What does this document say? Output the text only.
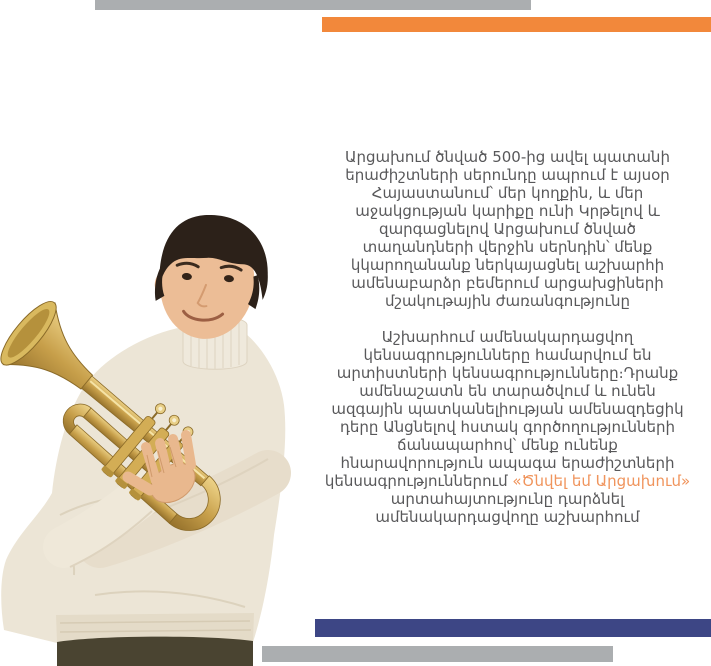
Արցախում ծնված 500-ից ավել պատանի
երաժիշտների սերունդը ապրում է այսօր
Հայաստանում՝ մեր կողքին, և մեր
աջակցության կարիքը ունի Կրթելով և
զարգացնելով Արցախում ծնված
տաղանդների վերջին սերնդին՝ մենք
կկարողանանք ներկայացնել աշխարհի
ամենաբարձր բեմերում արցախցիների
մշակութային ժառանգությունը
Աշխարհում ամենակարդացվող
կենսագրությունները համարվում են
արտիստների կենսագրությունները։Դրանք
ամենաշատն են տարածվում և ունեն
ազգային պատկանելիության ամենազդեցիկ
դերը Անցնելով հստակ գործողությունների
ճանապարհով՝ մենք ունենք
հնարավորություն ապագա երաժիշտների
կենսագրություններում «Ծնվել եմ Արցախում»
արտահայտությունը դարձնել
ամենակարդացվողը աշխարհում
